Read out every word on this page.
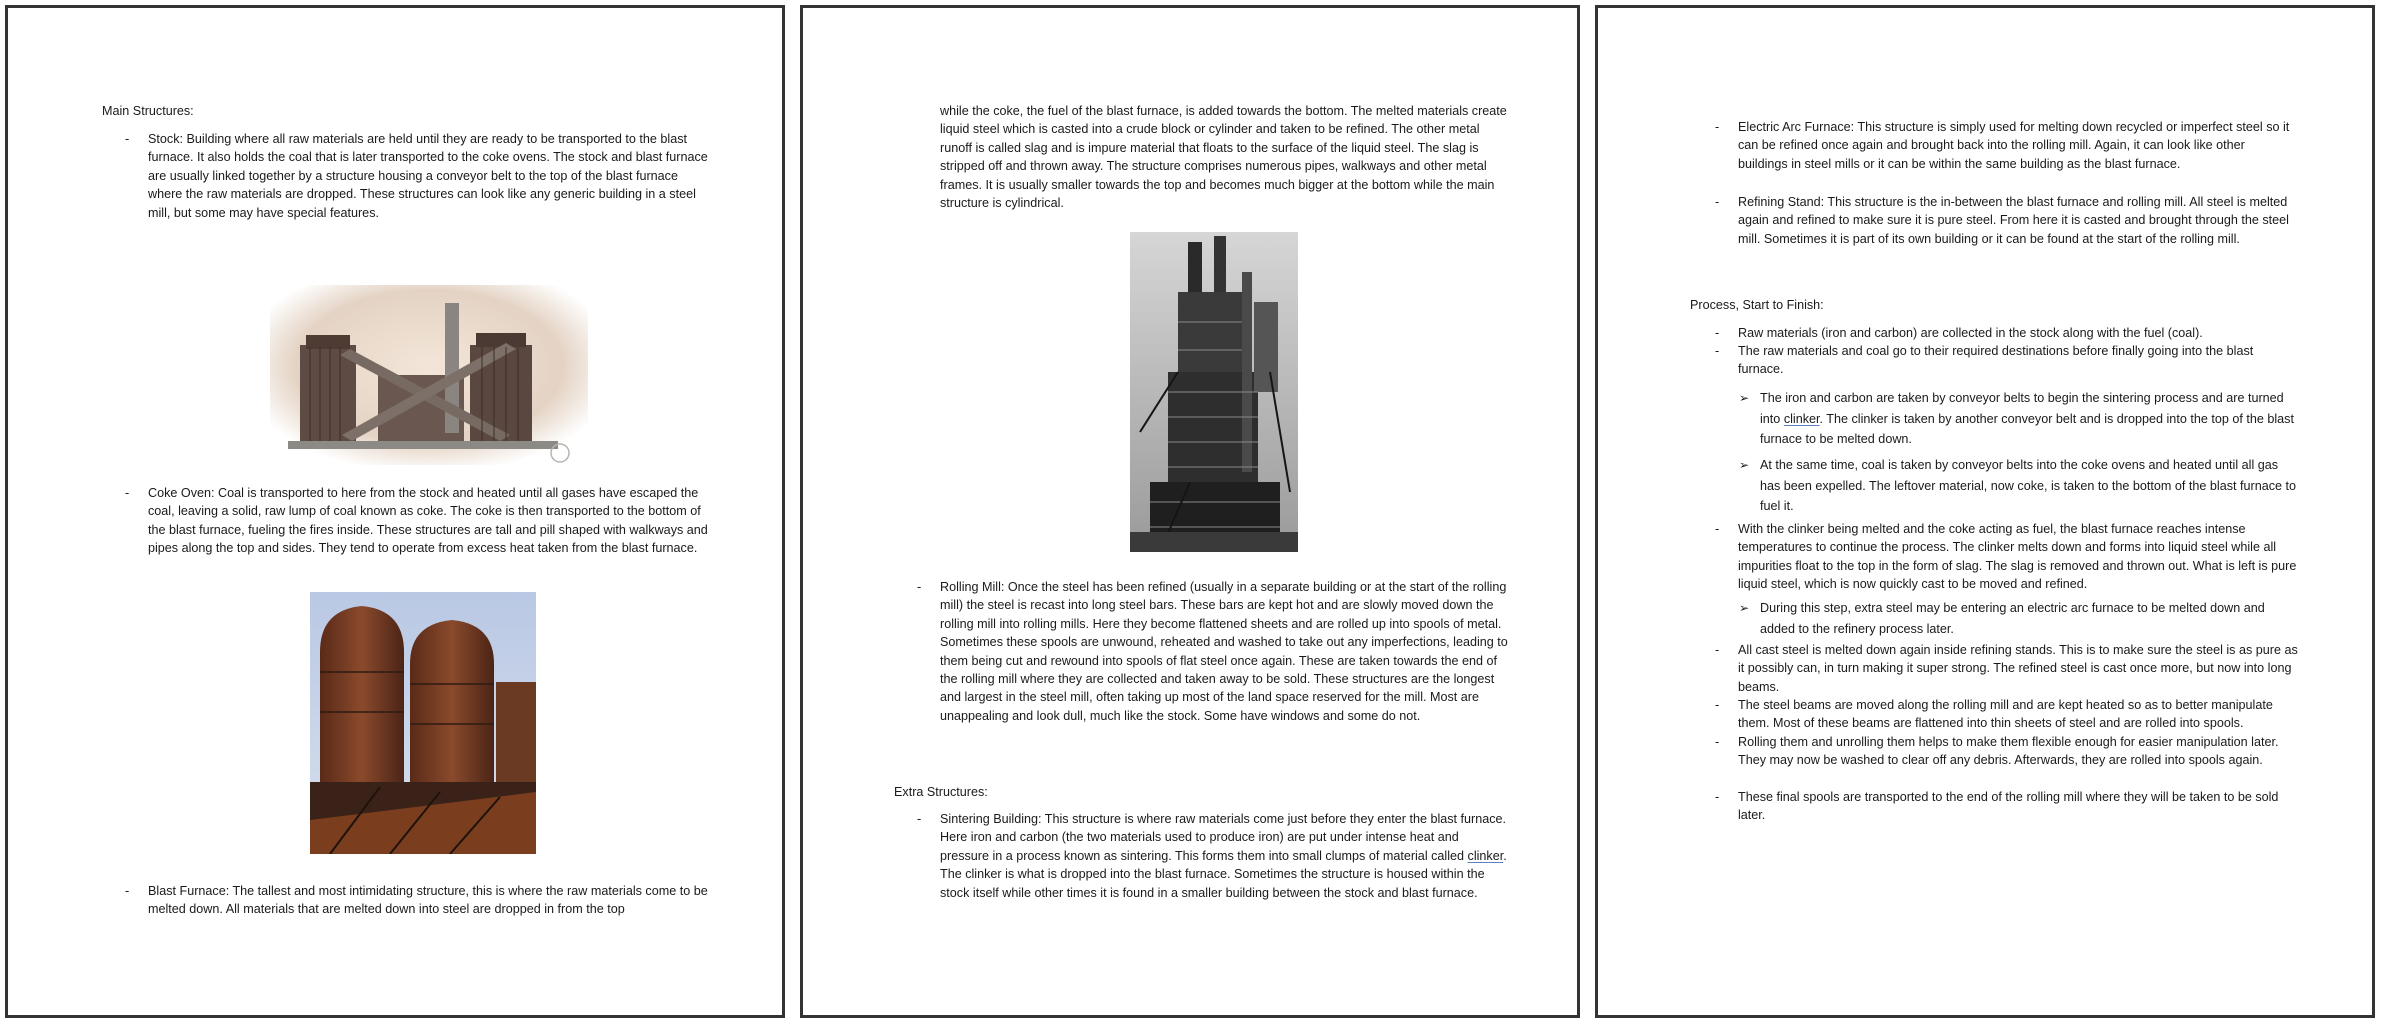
Main Structures:

- Stock: Building where all raw materials are held until they are ready to be transported to the blast furnace. It also holds the coal that is later transported to the coke ovens. The stock and blast furnace are usually linked together by a structure housing a conveyor belt to the top of the blast furnace where the raw materials are dropped. These structures can look like any generic building in a steel mill, but some may have special features.

- Coke Oven: Coal is transported to here from the stock and heated until all gases have escaped the coal, leaving a solid, raw lump of coal known as coke. The coke is then transported to the bottom of the blast furnace, fueling the fires inside. These structures are tall and pill shaped with walkways and pipes along the top and sides. They tend to operate from excess heat taken from the blast furnace.

- Blast Furnace: The tallest and most intimidating structure, this is where the raw materials come to be melted down. All materials that are melted down into steel are dropped in from the top

while the coke, the fuel of the blast furnace, is added towards the bottom. The melted materials create liquid steel which is casted into a crude block or cylinder and taken to be refined. The other metal runoff is called slag and is impure material that floats to the surface of the liquid steel. The slag is stripped off and thrown away. The structure comprises numerous pipes, walkways and other metal frames. It is usually smaller towards the top and becomes much bigger at the bottom while the main structure is cylindrical.

- Rolling Mill: Once the steel has been refined (usually in a separate building or at the start of the rolling mill) the steel is recast into long steel bars. These bars are kept hot and are slowly moved down the rolling mill into rolling mills. Here they become flattened sheets and are rolled up into spools of metal. Sometimes these spools are unwound, reheated and washed to take out any imperfections, leading to them being cut and rewound into spools of flat steel once again. These are taken towards the end of the rolling mill where they are collected and taken away to be sold. These structures are the longest and largest in the steel mill, often taking up most of the land space reserved for the mill. Most are unappealing and look dull, much like the stock. Some have windows and some do not.

Extra Structures:

- Sintering Building: This structure is where raw materials come just before they enter the blast furnace. Here iron and carbon (the two materials used to produce iron) are put under intense heat and pressure in a process known as sintering. This forms them into small clumps of material called clinker. The clinker is what is dropped into the blast furnace. Sometimes the structure is housed within the stock itself while other times it is found in a smaller building between the stock and blast furnace.

- Electric Arc Furnace: This structure is simply used for melting down recycled or imperfect steel so it can be refined once again and brought back into the rolling mill. Again, it can look like other buildings in steel mills or it can be within the same building as the blast furnace.

- Refining Stand: This structure is the in-between the blast furnace and rolling mill. All steel is melted again and refined to make sure it is pure steel. From here it is casted and brought through the steel mill. Sometimes it is part of its own building or it can be found at the start of the rolling mill.

Process, Start to Finish:

- Raw materials (iron and carbon) are collected in the stock along with the fuel (coal).

- The raw materials and coal go to their required destinations before finally going into the blast furnace.

➢ The iron and carbon are taken by conveyor belts to begin the sintering process and are turned into clinker. The clinker is taken by another conveyor belt and is dropped into the top of the blast furnace to be melted down.

➢ At the same time, coal is taken by conveyor belts into the coke ovens and heated until all gas has been expelled. The leftover material, now coke, is taken to the bottom of the blast furnace to fuel it.

- With the clinker being melted and the coke acting as fuel, the blast furnace reaches intense temperatures to continue the process. The clinker melts down and forms into liquid steel while all impurities float to the top in the form of slag. The slag is removed and thrown out. What is left is pure liquid steel, which is now quickly cast to be moved and refined.

➢ During this step, extra steel may be entering an electric arc furnace to be melted down and added to the refinery process later.

- All cast steel is melted down again inside refining stands. This is to make sure the steel is as pure as it possibly can, in turn making it super strong. The refined steel is cast once more, but now into long beams.

- The steel beams are moved along the rolling mill and are kept heated so as to better manipulate them. Most of these beams are flattened into thin sheets of steel and are rolled into spools.

- Rolling them and unrolling them helps to make them flexible enough for easier manipulation later. They may now be washed to clear off any debris. Afterwards, they are rolled into spools again.

- These final spools are transported to the end of the rolling mill where they will be taken to be sold later.
